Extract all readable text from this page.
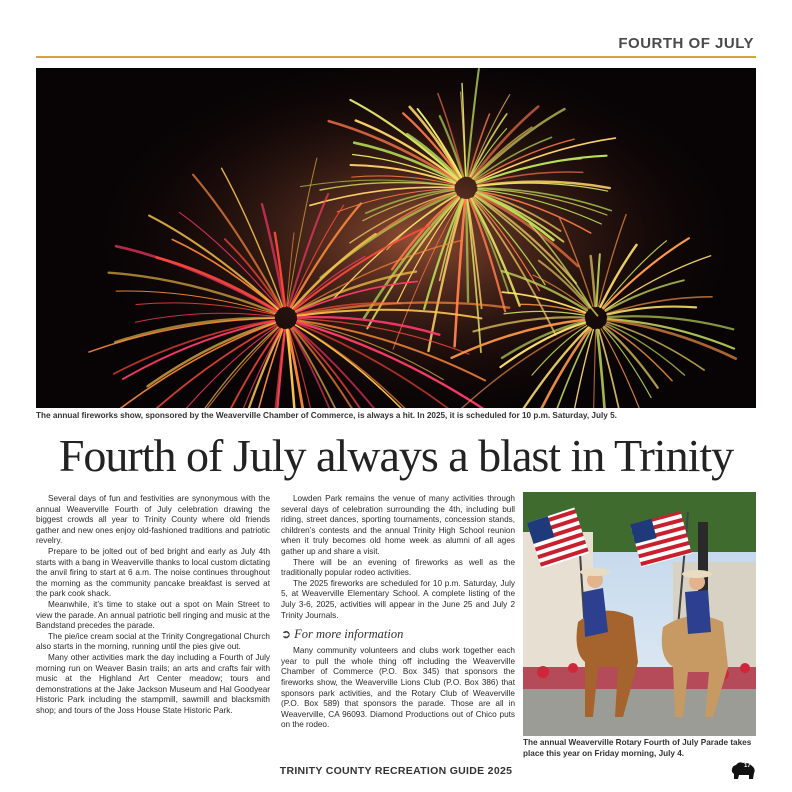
FOURTH OF JULY
The annual fireworks show, sponsored by the Weaverville Chamber of Commerce, is always a hit. In 2025, it is scheduled for 10 p.m. Saturday, July 5.
Fourth of July always a blast in Trinity

Several days of fun and festivities are synonymous with the annual Weaverville Fourth of July celebration drawing the biggest crowds all year to Trinity County where old friends gather and new ones enjoy old-fashioned traditions and patriotic revelry.

Prepare to be jolted out of bed bright and early as July 4th starts with a bang in Weaverville thanks to local custom dictating the anvil firing to start at 6 a.m. The noise continues throughout the morning as the community pancake breakfast is served at the park cook shack.

Meanwhile, it’s time to stake out a spot on Main Street to view the parade. An annual patriotic bell ringing and music at the Bandstand precedes the parade.

The pie/ice cream social at the Trinity Congregational Church also starts in the morning, running until the pies give out.

Many other activities mark the day including a Fourth of July morning run on Weaver Basin trails; an arts and crafts fair with music at the Highland Art Center meadow; tours and demonstrations at the Jake Jackson Museum and Hal Goodyear Historic Park including the stampmill, sawmill and blacksmith shop; and tours of the Joss House State Historic Park.

Lowden Park remains the venue of many activities through several days of celebration surrounding the 4th, including bull riding, street dances, sporting tournaments, concession stands, children’s contests and the annual Trinity High School reunion when it truly becomes old home week as alumni of all ages gather up and share a visit.

There will be an evening of fireworks as well as the traditionally popular rodeo activities.

The 2025 fireworks are scheduled for 10 p.m. Saturday, July 5, at Weaverville Elementary School. A complete listing of the July 3-6, 2025, activities will appear in the June 25 and July 2 Trinity Journals.

➲ For more information

Many community volunteers and clubs work together each year to pull the whole thing off including the Weaverville Chamber of Commerce (P.O. Box 345) that sponsors the fireworks show, the Weaverville Lions Club (P.O. Box 386) that sponsors park activities, and the Rotary Club of Weaverville (P.O. Box 589) that sponsors the parade. Those are all in Weaverville, CA 96093. Diamond Productions out of Chico puts on the rodeo.

The annual Weaverville Rotary Fourth of July Parade takes place this year on Friday morning, July 4.
TRINITY COUNTY RECREATION GUIDE 2025	17
